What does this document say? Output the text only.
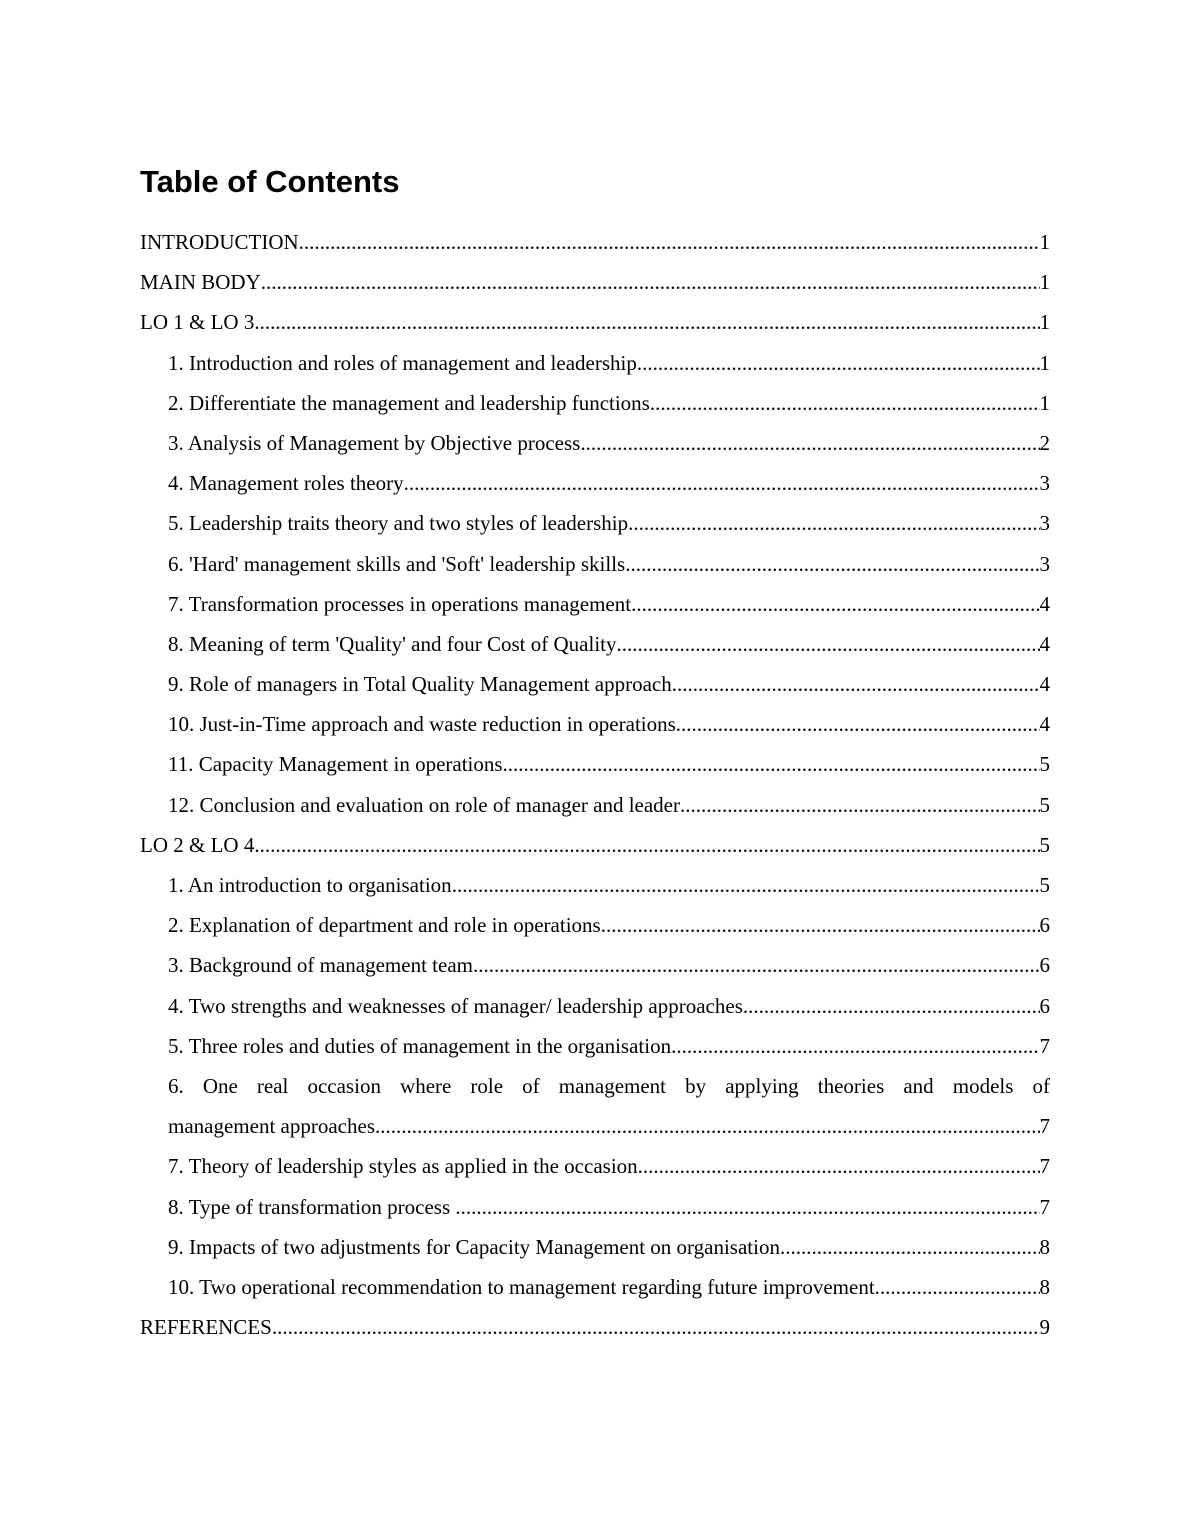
Table of Contents
INTRODUCTION .....	1
MAIN BODY .....	1
LO 1 & LO 3 .....	1
1. Introduction and roles of management and leadership .....	1
2. Differentiate the management and leadership functions .....	1
3. Analysis of Management by Objective process .....	2
4. Management roles theory .....	3
5. Leadership traits theory and two styles of leadership .....	3
6. 'Hard' management skills and 'Soft' leadership skills .....	3
7. Transformation processes in operations management .....	4
8. Meaning of term 'Quality' and four Cost of Quality .....	4
9. Role of managers in Total Quality Management approach .....	4
10. Just-in-Time approach and waste reduction in operations .....	4
11. Capacity Management in operations .....	5
12. Conclusion and evaluation on role of manager and leader .....	5
LO 2 & LO 4 .....	5
1. An introduction to organisation .....	5
2. Explanation of department and role in operations .....	6
3. Background of management team .....	6
4. Two strengths and weaknesses of manager/ leadership approaches .....	6
5. Three roles and duties of management in the organisation .....	7
6. One real occasion where role of management by applying theories and models of
management approaches .....	7
7. Theory of leadership styles as applied in the occasion .....	7
8. Type of transformation process .....	7
9. Impacts of two adjustments for Capacity Management on organisation .....	8
10. Two operational recommendation to management regarding future improvement .....	8
REFERENCES .....	9
